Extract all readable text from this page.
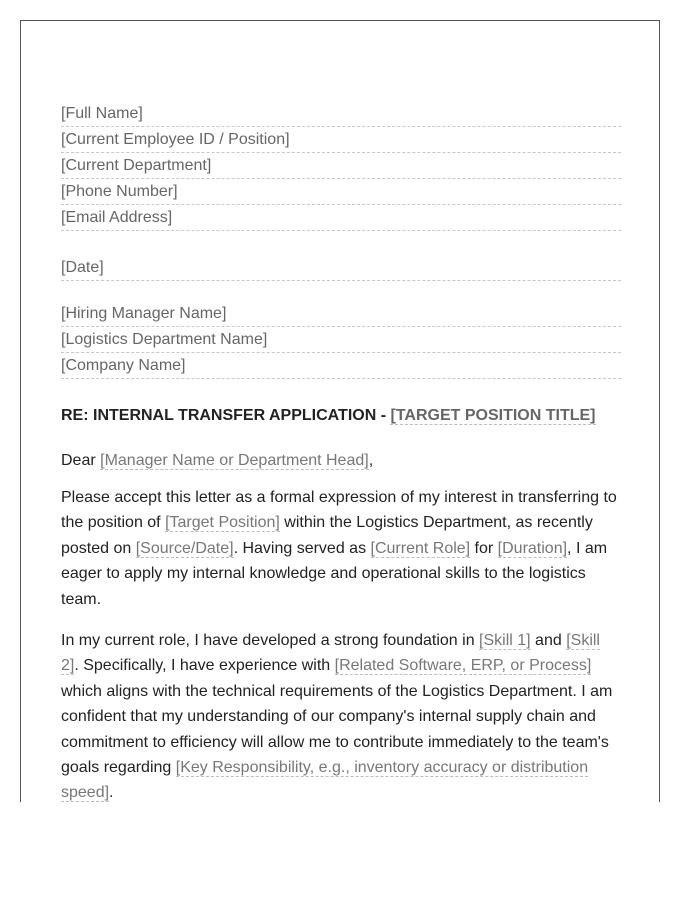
[Full Name]
[Current Employee ID / Position]
[Current Department]
[Phone Number]
[Email Address]
[Date]
[Hiring Manager Name]
[Logistics Department Name]
[Company Name]
RE: INTERNAL TRANSFER APPLICATION - [TARGET POSITION TITLE]
Dear [Manager Name or Department Head],
Please accept this letter as a formal expression of my interest in transferring to the position of [Target Position] within the Logistics Department, as recently posted on [Source/Date]. Having served as [Current Role] for [Duration], I am eager to apply my internal knowledge and operational skills to the logistics team.
In my current role, I have developed a strong foundation in [Skill 1] and [Skill 2]. Specifically, I have experience with [Related Software, ERP, or Process] which aligns with the technical requirements of the Logistics Department. I am confident that my understanding of our company's internal supply chain and commitment to efficiency will allow me to contribute immediately to the team's goals regarding [Key Responsibility, e.g., inventory accuracy or distribution speed].
